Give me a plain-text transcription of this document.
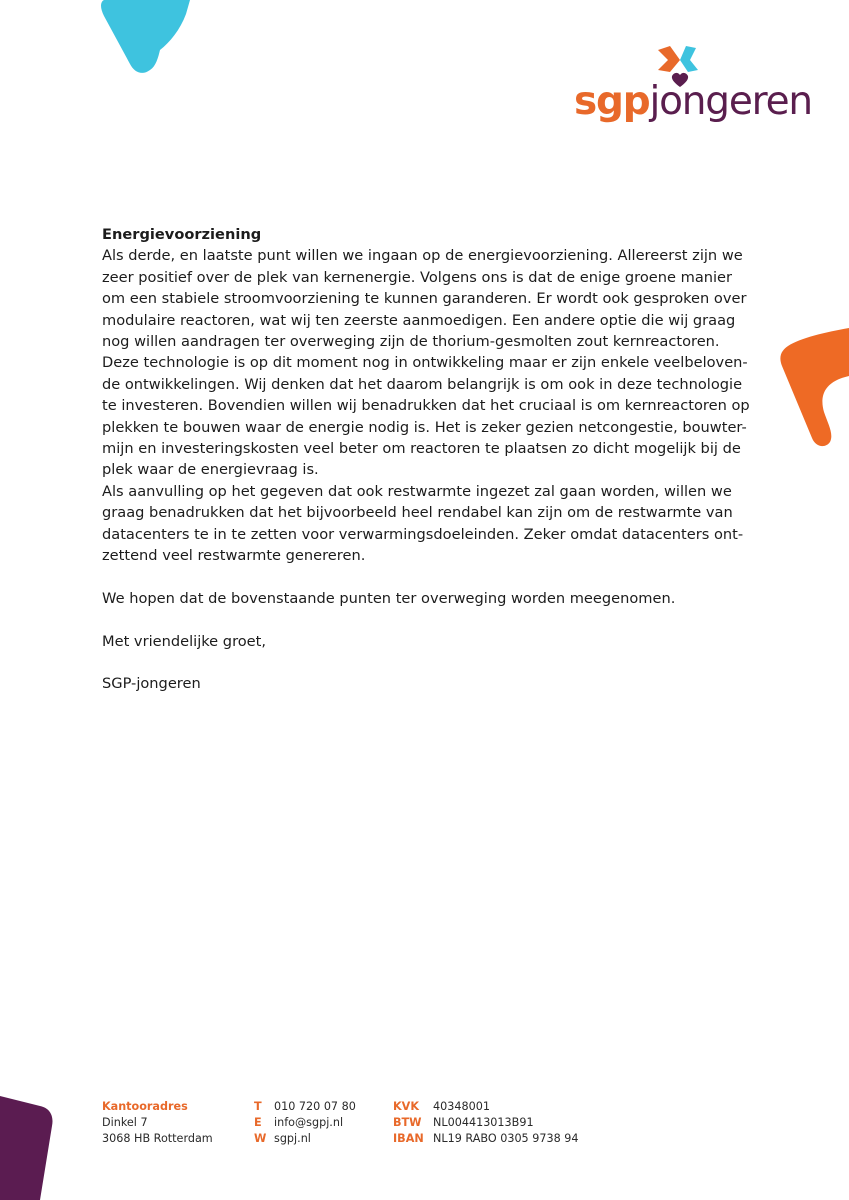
sgpjongeren

Energievoorziening

Als derde, en laatste punt willen we ingaan op de energievoorziening. Allereerst zijn we

zeer positief over de plek van kernenergie. Volgens ons is dat de enige groene manier

om een stabiele stroomvoorziening te kunnen garanderen. Er wordt ook gesproken over

modulaire reactoren, wat wij ten zeerste aanmoedigen. Een andere optie die wij graag

nog willen aandragen ter overweging zijn de thorium-gesmolten zout kernreactoren.

Deze technologie is op dit moment nog in ontwikkeling maar er zijn enkele veelbeloven-

de ontwikkelingen. Wij denken dat het daarom belangrijk is om ook in deze technologie

te investeren. Bovendien willen wij benadrukken dat het cruciaal is om kernreactoren op

plekken te bouwen waar de energie nodig is. Het is zeker gezien netcongestie, bouwter-

mijn en investeringskosten veel beter om reactoren te plaatsen zo dicht mogelijk bij de

plek waar de energievraag is.

Als aanvulling op het gegeven dat ook restwarmte ingezet zal gaan worden, willen we

graag benadrukken dat het bijvoorbeeld heel rendabel kan zijn om de restwarmte van

datacenters te in te zetten voor verwarmingsdoeleinden. Zeker omdat datacenters ont-

zettend veel restwarmte genereren.

We hopen dat de bovenstaande punten ter overweging worden meegenomen.

Met vriendelijke groet,

SGP-jongeren

Kantooradres
Dinkel 7
3068 HB Rotterdam
T 010 720 07 80
E info@sgpj.nl
W sgpj.nl
KVK 40348001
BTW NL004413013B91
IBAN NL19 RABO 0305 9738 94
